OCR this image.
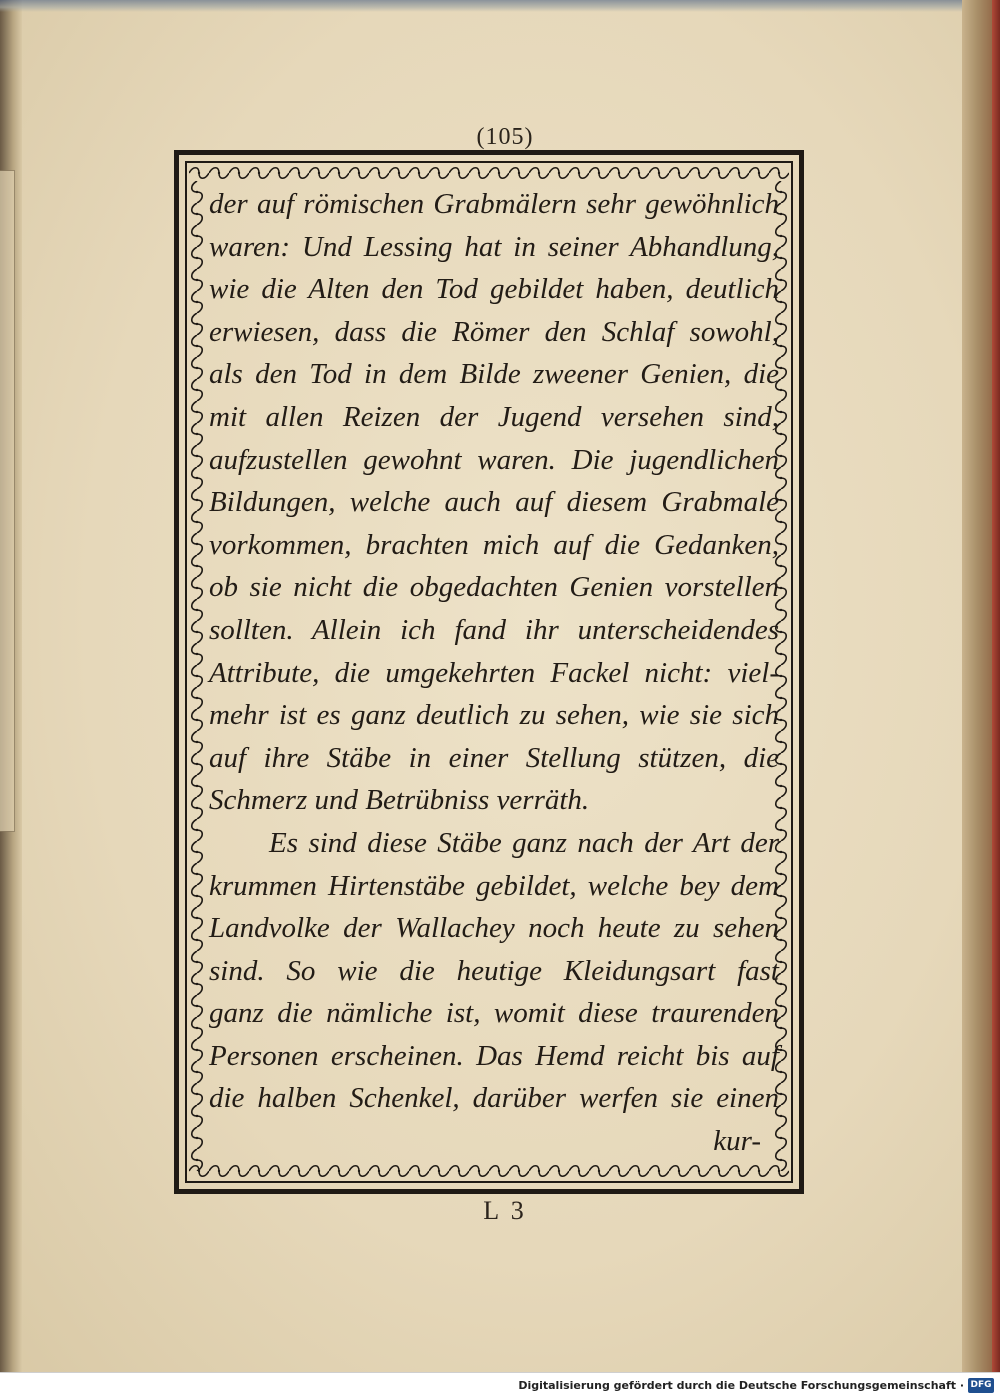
(105)
der auf römischen Grabmälern sehr gewöhnlich
waren: Und Lessing hat in seiner Abhandlung,
wie die Alten den Tod gebildet haben, deutlich
erwiesen, dass die Römer den Schlaf sowohl,
als den Tod in dem Bilde zweener Genien, die
mit allen Reizen der Jugend versehen sind,
aufzustellen gewohnt waren. Die jugendlichen
Bildungen, welche auch auf diesem Grabmale
vorkommen, brachten mich auf die Gedanken,
ob sie nicht die obgedachten Genien vorstellen
sollten. Allein ich fand ihr unterscheidendes
Attribute, die umgekehrten Fackel nicht: viel-
mehr ist es ganz deutlich zu sehen, wie sie sich
auf ihre Stäbe in einer Stellung stützen, die
Schmerz und Betrübniss verräth.
Es sind diese Stäbe ganz nach der Art der
krummen Hirtenstäbe gebildet, welche bey dem
Landvolke der Wallachey noch heute zu sehen
sind. So wie die heutige Kleidungsart fast
ganz die nämliche ist, womit diese traurenden
Personen erscheinen. Das Hemd reicht bis auf
die halben Schenkel, darüber werfen sie einen
kur-
L 3
Digitalisierung gefördert durch die Deutsche Forschungsgemeinschaft · DFG
